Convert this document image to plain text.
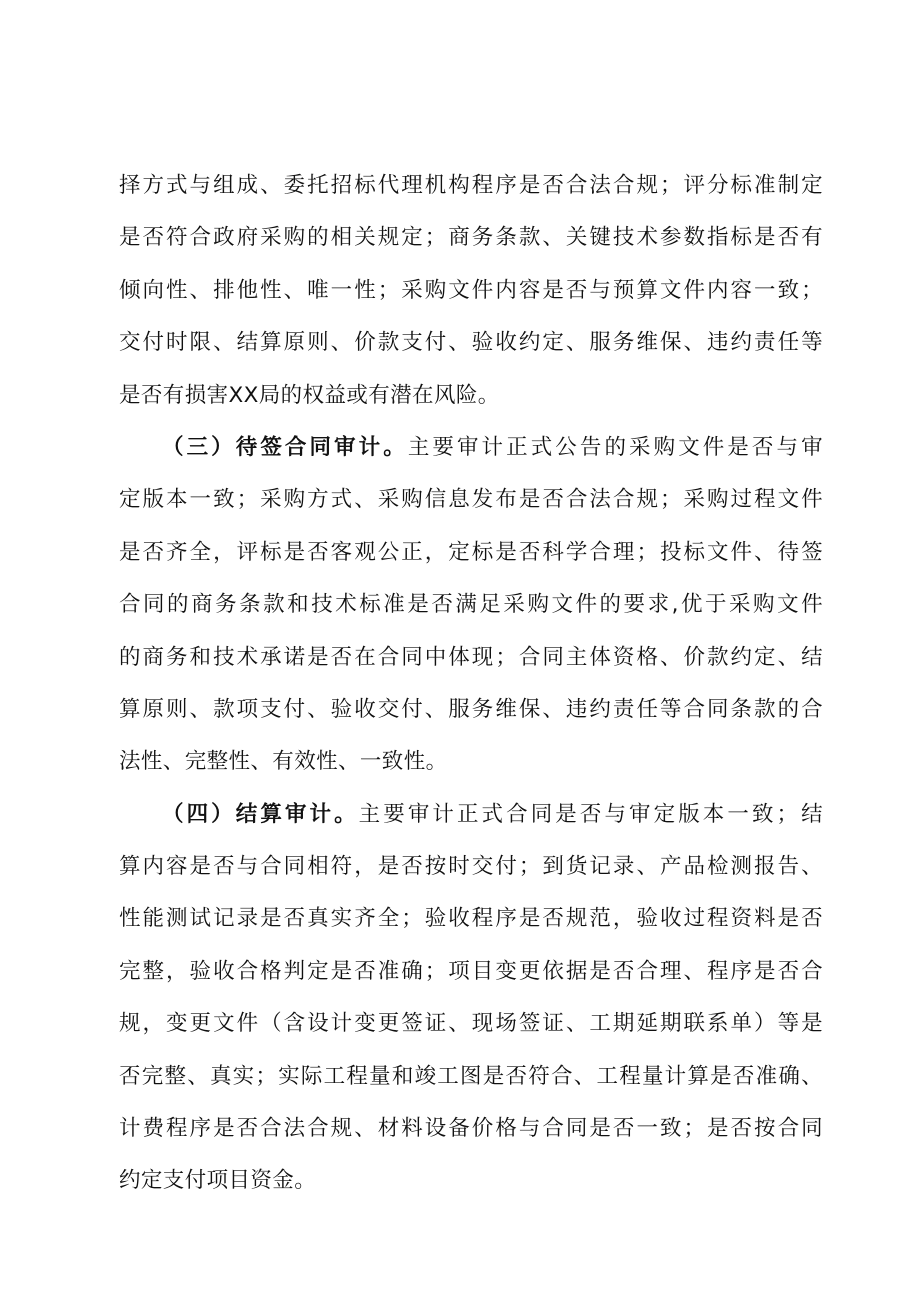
择方式与组成、委托招标代理机构程序是否合法合规；评分标准制定
是否符合政府采购的相关规定；商务条款、关键技术参数指标是否有
倾向性、排他性、唯一性；采购文件内容是否与预算文件内容一致；
交付时限、结算原则、价款支付、验收约定、服务维保、违约责任等
是否有损害XX局的权益或有潜在风险。
（三）待签合同审计。主要审计正式公告的采购文件是否与审
定版本一致；采购方式、采购信息发布是否合法合规；采购过程文件
是否齐全，评标是否客观公正，定标是否科学合理；投标文件、待签
合同的商务条款和技术标准是否满足采购文件的要求,优于采购文件
的商务和技术承诺是否在合同中体现；合同主体资格、价款约定、结
算原则、款项支付、验收交付、服务维保、违约责任等合同条款的合
法性、完整性、有效性、一致性。
（四）结算审计。主要审计正式合同是否与审定版本一致；结
算内容是否与合同相符，是否按时交付；到货记录、产品检测报告、
性能测试记录是否真实齐全；验收程序是否规范，验收过程资料是否
完整，验收合格判定是否准确；项目变更依据是否合理、程序是否合
规，变更文件（含设计变更签证、现场签证、工期延期联系单）等是
否完整、真实；实际工程量和竣工图是否符合、工程量计算是否准确、
计费程序是否合法合规、材料设备价格与合同是否一致；是否按合同
约定支付项目资金。
